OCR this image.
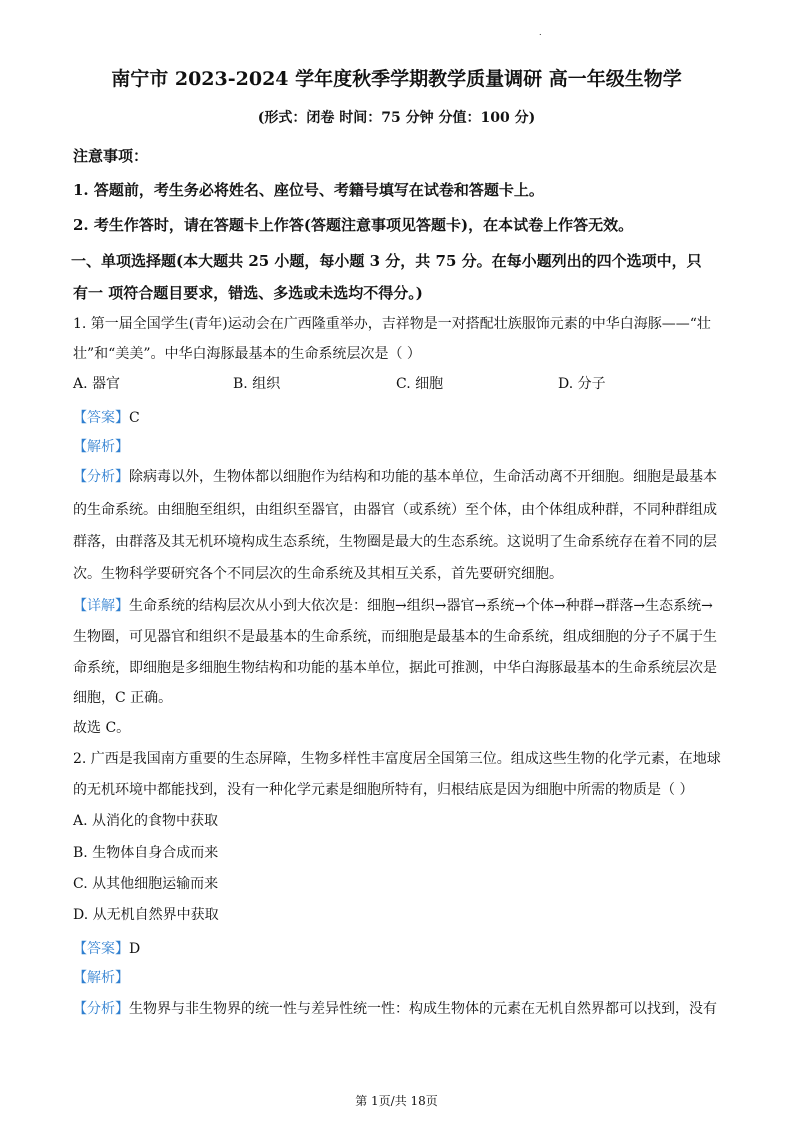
.
南宁市 2023-2024 学年度秋季学期教学质量调研 高一年级生物学
(形式：闭卷 时间：75 分钟 分值：100 分)
注意事项：
1. 答题前，考生务必将姓名、座位号、考籍号填写在试卷和答题卡上。
2. 考生作答时，请在答题卡上作答(答题注意事项见答题卡)，在本试卷上作答无效。
一、单项选择题(本大题共 25 小题，每小题 3 分，共 75 分。在每小题列出的四个选项中，只
有一 项符合题目要求，错选、多选或未选均不得分。)
1. 第一届全国学生(青年)运动会在广西隆重举办，吉祥物是一对搭配壮族服饰元素的中华白海豚——“壮
壮”和“美美”。中华白海豚最基本的生命系统层次是（ ）
A. 器官	B. 组织	C. 细胞	D. 分子
【答案】C
【解析】
【分析】除病毒以外，生物体都以细胞作为结构和功能的基本单位，生命活动离不开细胞。细胞是最基本
的生命系统。由细胞至组织，由组织至器官，由器官（或系统）至个体，由个体组成种群，不同种群组成
群落，由群落及其无机环境构成生态系统，生物圈是最大的生态系统。这说明了生命系统存在着不同的层
次。生物科学要研究各个不同层次的生命系统及其相互关系，首先要研究细胞。
【详解】生命系统的结构层次从小到大依次是：细胞→组织→器官→系统→个体→种群→群落→生态系统→
生物圈，可见器官和组织不是最基本的生命系统，而细胞是最基本的生命系统，组成细胞的分子不属于生
命系统，即细胞是多细胞生物结构和功能的基本单位，据此可推测，中华白海豚最基本的生命系统层次是
细胞，C 正确。
故选 C。
2. 广西是我国南方重要的生态屏障，生物多样性丰富度居全国第三位。组成这些生物的化学元素，在地球
的无机环境中都能找到，没有一种化学元素是细胞所特有，归根结底是因为细胞中所需的物质是（ ）
A. 从消化的食物中获取
B. 生物体自身合成而来
C. 从其他细胞运输而来
D. 从无机自然界中获取
【答案】D
【解析】
【分析】生物界与非生物界的统一性与差异性统一性：构成生物体的元素在无机自然界都可以找到，没有
第 1页/共 18页
